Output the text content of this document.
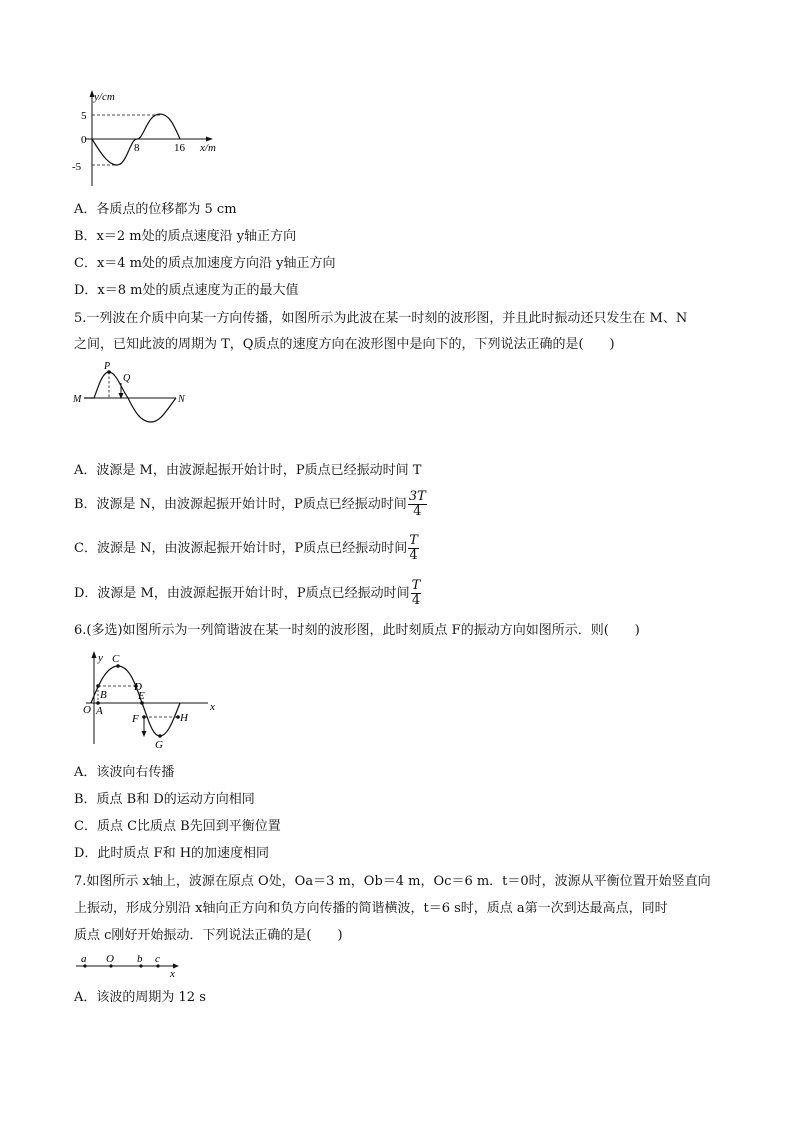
y/cm
5
0
-5
8	16 x/m
A．各质点的位移都为 5 cm
B．x＝2 m处的质点速度沿 y轴正方向
C．x＝4 m处的质点加速度方向沿 y轴正方向
D．x＝8 m处的质点速度为正的最大值
5.一列波在介质中向某一方向传播，如图所示为此波在某一时刻的波形图，并且此时振动还只发生在 M、N
之间，已知此波的周期为 T，Q质点的速度方向在波形图中是向下的，下列说法正确的是(　　)
P
Q
M	N
A．波源是 M，由波源起振开始计时，P质点已经振动时间 T
B．波源是 N，由波源起振开始计时，P质点已经振动时间 $\frac{3T}{4}$
C．波源是 N，由波源起振开始计时，P质点已经振动时间 $\frac{T}{4}$
D．波源是 M，由波源起振开始计时，P质点已经振动时间 $\frac{T}{4}$
6.(多选)如图所示为一列简谐波在某一时刻的波形图，此时刻质点 F的振动方向如图所示．则(　　)
y C
D
B	E
O A
F	H
G
x
A．该波向右传播
B．质点 B和 D的运动方向相同
C．质点 C比质点 B先回到平衡位置
D．此时质点 F和 H的加速度相同
7.如图所示 x轴上，波源在原点 O处，Oa＝3 m，Ob＝4 m，Oc＝6 m．t＝0时，波源从平衡位置开始竖直向
上振动，形成分别沿 x轴向正方向和负方向传播的简谐横波，t＝6 s时，质点 a第一次到达最高点，同时
质点 c刚好开始振动．下列说法正确的是(　　)
a O b c
x
A．该波的周期为 12 s
